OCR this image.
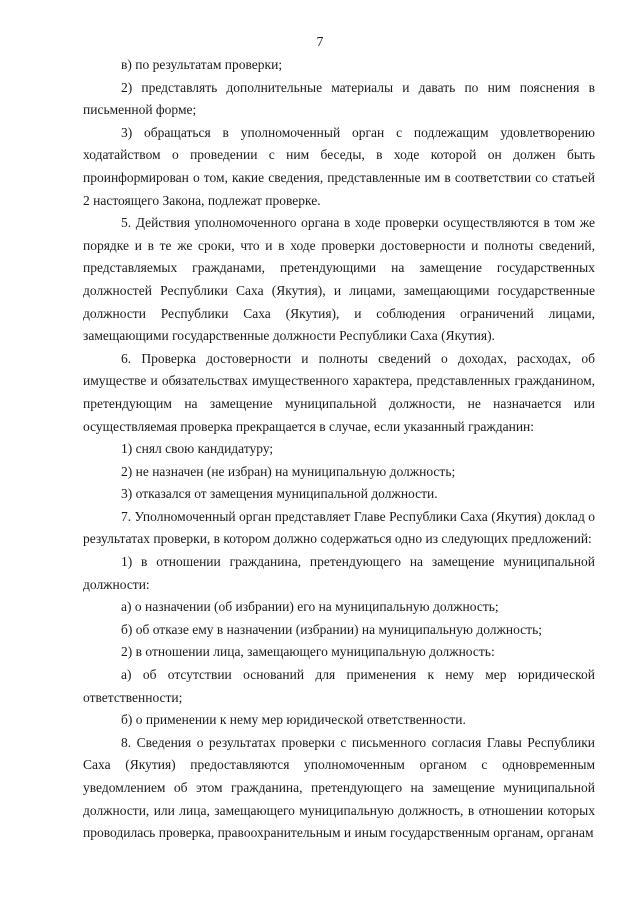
7

в) по результатам проверки;

2) представлять дополнительные материалы и давать по ним пояснения в письменной форме;

3) обращаться в уполномоченный орган с подлежащим удовлетворению ходатайством о проведении с ним беседы, в ходе которой он должен быть проинформирован о том, какие сведения, представленные им в соответствии со статьей 2 настоящего Закона, подлежат проверке.

5. Действия уполномоченного органа в ходе проверки осуществляются в том же порядке и в те же сроки, что и в ходе проверки достоверности и полноты сведений, представляемых гражданами, претендующими на замещение государственных должностей Республики Саха (Якутия), и лицами, замещающими государственные должности Республики Саха (Якутия), и соблюдения ограничений лицами, замещающими государственные должности Республики Саха (Якутия).

6. Проверка достоверности и полноты сведений о доходах, расходах, об имуществе и обязательствах имущественного характера, представленных гражданином, претендующим на замещение муниципальной должности, не назначается или осуществляемая проверка прекращается в случае, если указанный гражданин:

1) снял свою кандидатуру;

2) не назначен (не избран) на муниципальную должность;

3) отказался от замещения муниципальной должности.

7. Уполномоченный орган представляет Главе Республики Саха (Якутия) доклад о результатах проверки, в котором должно содержаться одно из следующих предложений:

1) в отношении гражданина, претендующего на замещение муниципальной должности:

а) о назначении (об избрании) его на муниципальную должность;

б) об отказе ему в назначении (избрании) на муниципальную должность;

2) в отношении лица, замещающего муниципальную должность:

а) об отсутствии оснований для применения к нему мер юридической ответственности;

б) о применении к нему мер юридической ответственности.

8. Сведения о результатах проверки с письменного согласия Главы Республики Саха (Якутия) предоставляются уполномоченным органом с одновременным уведомлением об этом гражданина, претендующего на замещение муниципальной должности, или лица, замещающего муниципальную должность, в отношении которых проводилась проверка, правоохранительным и иным государственным органам, органам
